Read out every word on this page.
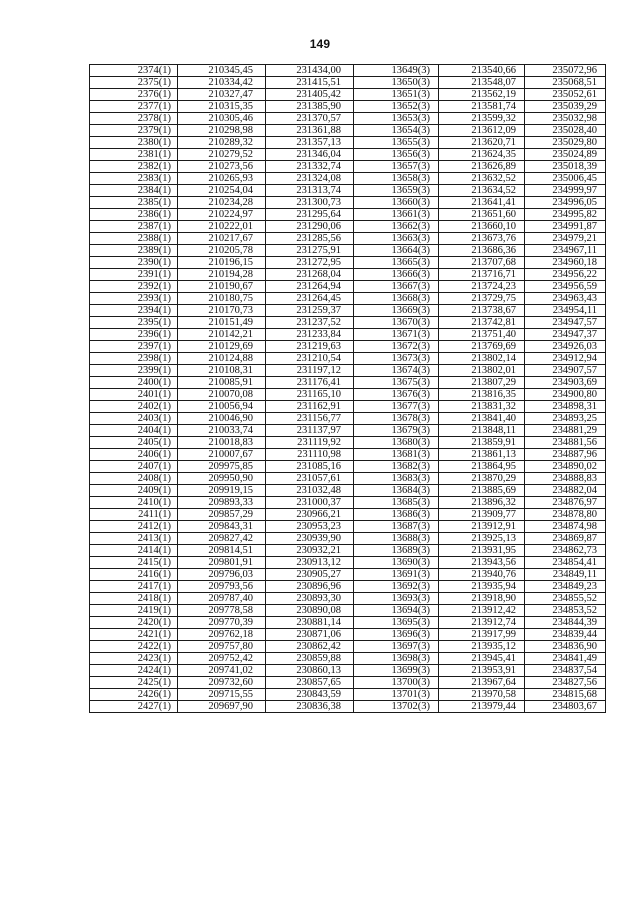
149
2374(1)	210345,45	231434,00	13649(3)	213540,66	235072,96
2375(1)	210334,42	231415,51	13650(3)	213548,07	235068,51
2376(1)	210327,47	231405,42	13651(3)	213562,19	235052,61
2377(1)	210315,35	231385,90	13652(3)	213581,74	235039,29
2378(1)	210305,46	231370,57	13653(3)	213599,32	235032,98
2379(1)	210298,98	231361,88	13654(3)	213612,09	235028,40
2380(1)	210289,32	231357,13	13655(3)	213620,71	235029,80
2381(1)	210279,52	231346,04	13656(3)	213624,35	235024,89
2382(1)	210273,56	231332,74	13657(3)	213626,89	235018,39
2383(1)	210265,93	231324,08	13658(3)	213632,52	235006,45
2384(1)	210254,04	231313,74	13659(3)	213634,52	234999,97
2385(1)	210234,28	231300,73	13660(3)	213641,41	234996,05
2386(1)	210224,97	231295,64	13661(3)	213651,60	234995,82
2387(1)	210222,01	231290,06	13662(3)	213660,10	234991,87
2388(1)	210217,67	231285,56	13663(3)	213673,76	234979,21
2389(1)	210205,78	231275,91	13664(3)	213686,36	234967,11
2390(1)	210196,15	231272,95	13665(3)	213707,68	234960,18
2391(1)	210194,28	231268,04	13666(3)	213716,71	234956,22
2392(1)	210190,67	231264,94	13667(3)	213724,23	234956,59
2393(1)	210180,75	231264,45	13668(3)	213729,75	234963,43
2394(1)	210170,73	231259,37	13669(3)	213738,67	234954,11
2395(1)	210151,49	231237,52	13670(3)	213742,81	234947,57
2396(1)	210142,21	231233,84	13671(3)	213751,40	234947,37
2397(1)	210129,69	231219,63	13672(3)	213769,69	234926,03
2398(1)	210124,88	231210,54	13673(3)	213802,14	234912,94
2399(1)	210108,31	231197,12	13674(3)	213802,01	234907,57
2400(1)	210085,91	231176,41	13675(3)	213807,29	234903,69
2401(1)	210070,08	231165,10	13676(3)	213816,35	234900,80
2402(1)	210056,94	231162,91	13677(3)	213831,32	234898,31
2403(1)	210046,90	231156,77	13678(3)	213841,40	234893,25
2404(1)	210033,74	231137,97	13679(3)	213848,11	234881,29
2405(1)	210018,83	231119,92	13680(3)	213859,91	234881,56
2406(1)	210007,67	231110,98	13681(3)	213861,13	234887,96
2407(1)	209975,85	231085,16	13682(3)	213864,95	234890,02
2408(1)	209950,90	231057,61	13683(3)	213870,29	234888,83
2409(1)	209919,15	231032,48	13684(3)	213885,69	234882,04
2410(1)	209893,33	231000,37	13685(3)	213896,32	234876,97
2411(1)	209857,29	230966,21	13686(3)	213909,77	234878,80
2412(1)	209843,31	230953,23	13687(3)	213912,91	234874,98
2413(1)	209827,42	230939,90	13688(3)	213925,13	234869,87
2414(1)	209814,51	230932,21	13689(3)	213931,95	234862,73
2415(1)	209801,91	230913,12	13690(3)	213943,56	234854,41
2416(1)	209796,03	230905,27	13691(3)	213940,76	234849,11
2417(1)	209793,56	230896,96	13692(3)	213935,94	234849,23
2418(1)	209787,40	230893,30	13693(3)	213918,90	234855,52
2419(1)	209778,58	230890,08	13694(3)	213912,42	234853,52
2420(1)	209770,39	230881,14	13695(3)	213912,74	234844,39
2421(1)	209762,18	230871,06	13696(3)	213917,99	234839,44
2422(1)	209757,80	230862,42	13697(3)	213935,12	234836,90
2423(1)	209752,42	230859,88	13698(3)	213945,41	234841,49
2424(1)	209741,02	230860,13	13699(3)	213953,91	234837,54
2425(1)	209732,60	230857,65	13700(3)	213967,64	234827,56
2426(1)	209715,55	230843,59	13701(3)	213970,58	234815,68
2427(1)	209697,90	230836,38	13702(3)	213979,44	234803,67
